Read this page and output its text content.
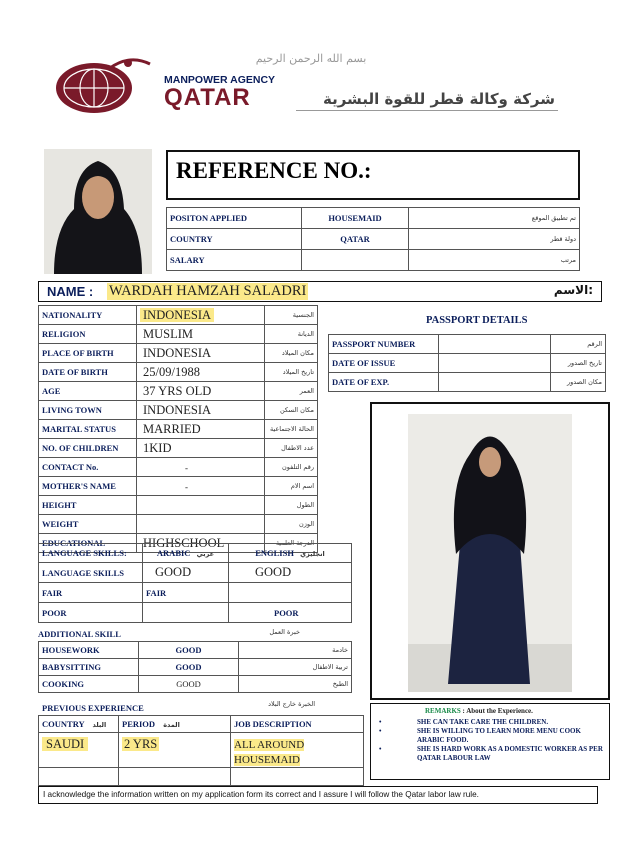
بسم الله الرحمن الرحيم
MANPOWER AGENCY
QATAR	شركة وكالة قطر للقوة البشرية
REFERENCE NO.:
POSITON APPLIED	HOUSEMAID	تم تطبيق الموقع
COUNTRY	QATAR	دولة قطر
SALARY		مرتب
NAME : WARDAH HAMZAH SALADRI	الاسم:
NATIONALITY	INDONESIA	الجنسية
RELIGION	MUSLIM	الديانة
PLACE OF BIRTH	INDONESIA	مكان الميلاد
DATE OF BIRTH	25/09/1988	تاريخ الميلاد
AGE	37 YRS OLD	العمر
LIVING TOWN	INDONESIA	مكان السكن
MARITAL STATUS	MARRIED	الحالة الاجتماعية
NO. OF CHILDREN	1KID	عدد الاطفال
CONTACT No.	-	رقم التلفون
MOTHER'S NAME	-	اسم الام
HEIGHT		الطول
WEIGHT		الوزن
EDUCATIONAL	HIGHSCHOOL	الدرجة العلمية
PASSPORT DETAILS
PASSPORT NUMBER		الرقم
DATE OF ISSUE		تاريخ الصدور
DATE OF EXP.		مكان الصدور
LANGUAGE SKILLS:	ARABIC عربي	ENGLISH انجليزي
LANGUAGE SKILLS	GOOD	GOOD
FAIR	FAIR	
POOR		POOR
ADDITIONAL SKILL	خبرة العمل
HOUSEWORK	GOOD	خادمة
BABYSITTING	GOOD	تربية الاطفال
COOKING	GOOD	الطبخ
PREVIOUS EXPERIENCE	الخبرة خارج البلاد
COUNTRY البلد	PERIOD المدة	JOB DESCRIPTION
SAUDI	2 YRS	ALL AROUND
HOUSEMAID

REMARKS : About the Experience.
•	SHE CAN TAKE CARE THE CHILDREN.
•	SHE IS WILLING TO LEARN MORE MENU COOK ARABIC FOOD.
•	SHE IS HARD WORK AS A DOMESTIC WORKER AS PER QATAR LABOUR LAW
I acknowledge the information written on my application form its correct and I assure I will follow the Qatar labor law rule.
